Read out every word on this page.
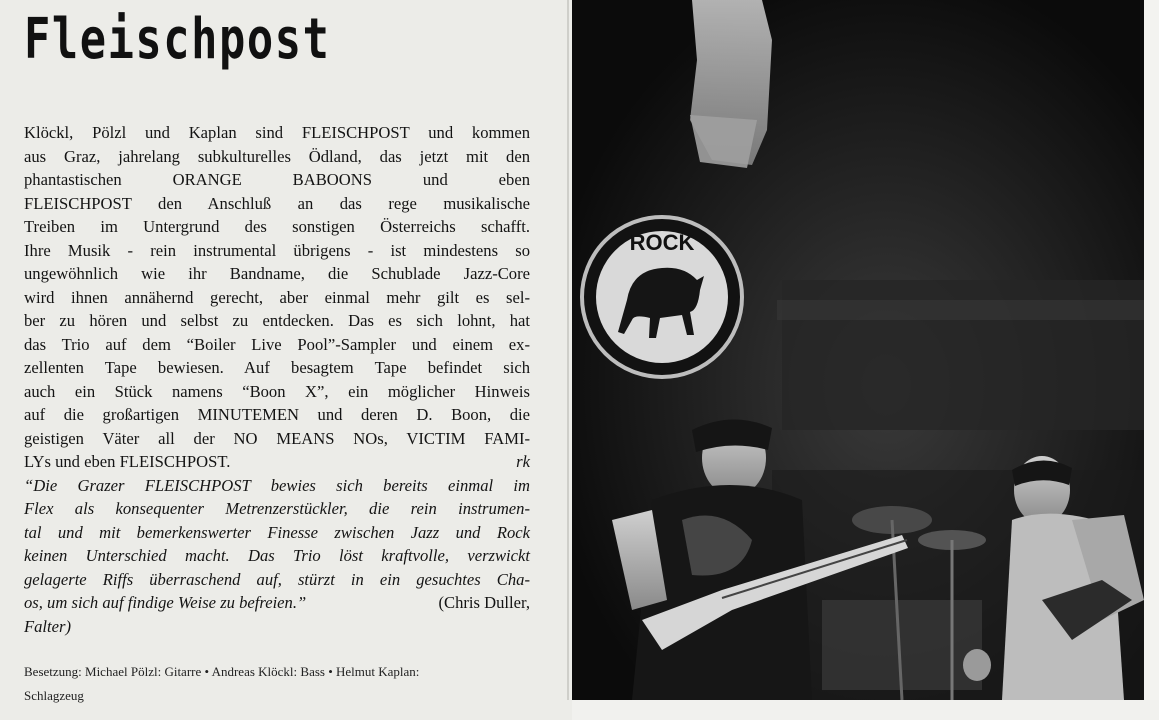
Fleischpost
Klöckl, Pölzl und Kaplan sind FLEISCHPOST und kommen
aus Graz, jahrelang subkulturelles Ödland, das jetzt mit den
phantastischen ORANGE BABOONS und eben
FLEISCHPOST den Anschluß an das rege musikalische
Treiben im Untergrund des sonstigen Österreichs schafft.
Ihre Musik - rein instrumental übrigens - ist mindestens so
ungewöhnlich wie ihr Bandname, die Schublade Jazz-Core
wird ihnen annähernd gerecht, aber einmal mehr gilt es sel-
ber zu hören und selbst zu entdecken. Das es sich lohnt, hat
das Trio auf dem “Boiler Live Pool”-Sampler und einem ex-
zellenten Tape bewiesen. Auf besagtem Tape befindet sich
auch ein Stück namens “Boon X”, ein möglicher Hinweis
auf die großartigen MINUTEMEN und deren D. Boon, die
geistigen Väter all der NO MEANS NOs, VICTIM FAMI-
LYs und eben FLEISCHPOST.	rk
“Die Grazer FLEISCHPOST bewies sich bereits einmal im
Flex als konsequenter Metrenzerstückler, die rein instrumen-
tal und mit bemerkenswerter Finesse zwischen Jazz und Rock
keinen Unterschied macht. Das Trio löst kraftvolle, verzwickt
gelagerte Riffs überraschend auf, stürzt in ein gesuchtes Cha-
os, um sich auf findige Weise zu befreien.”	(Chris Duller,
Falter)
Besetzung: Michael Pölzl: Gitarre • Andreas Klöckl: Bass • Helmut Kaplan:
Schlagzeug
ROCK
